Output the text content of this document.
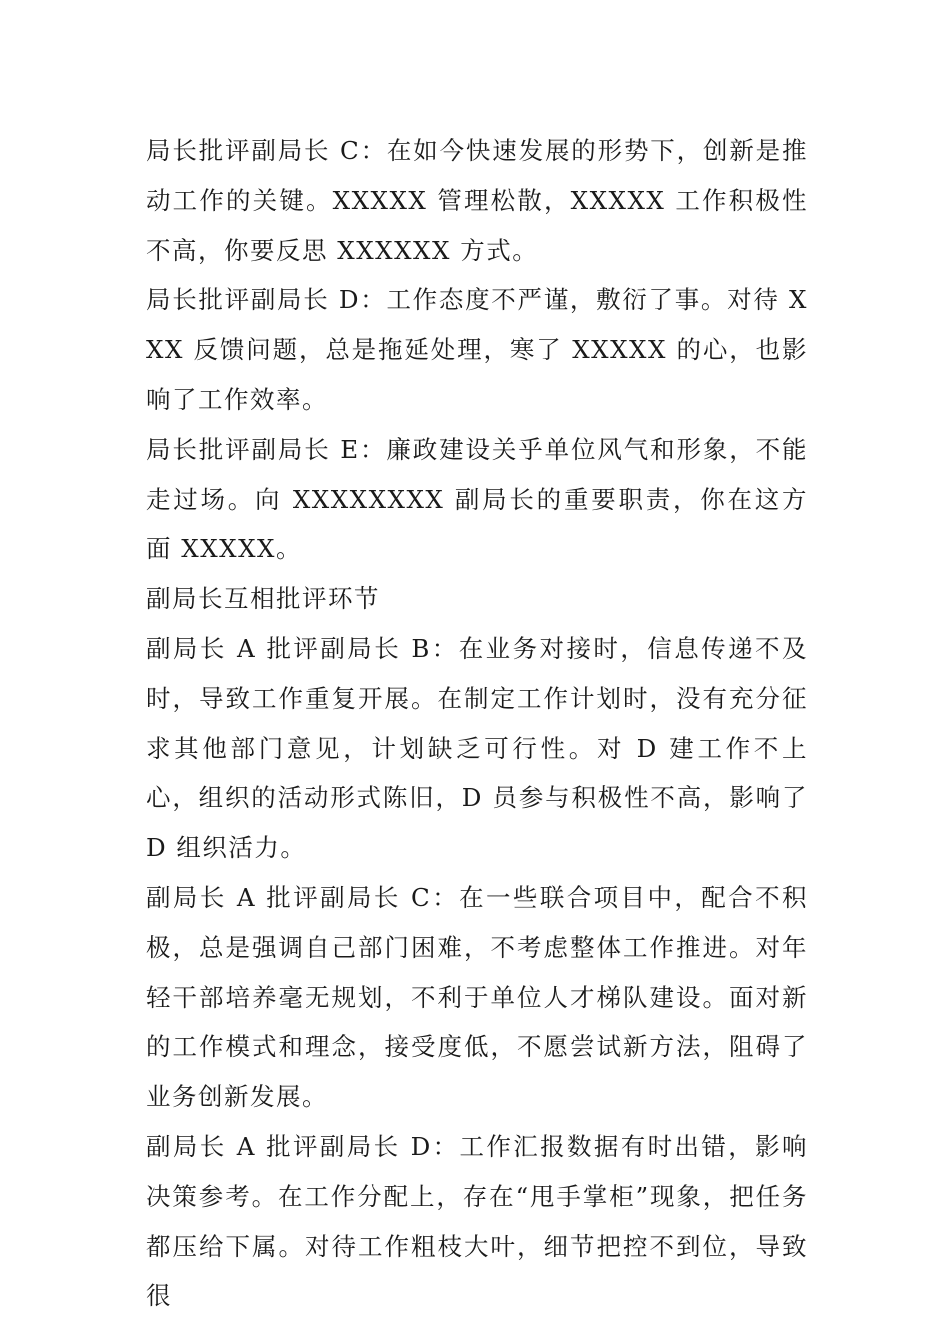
局长批评副局长 C：在如今快速发展的形势下，创新是推动工作的关键。XXXXX 管理松散，XXXXX 工作积极性不高，你要反思 XXXXXX 方式。

局长批评副局长 D：工作态度不严谨，敷衍了事。对待 XXX 反馈问题，总是拖延处理，寒了 XXXXX 的心，也影响了工作效率。

局长批评副局长 E：廉政建设关乎单位风气和形象，不能走过场。向 XXXXXXXX 副局长的重要职责，你在这方面 XXXXX。

副局长互相批评环节

副局长 A 批评副局长 B：在业务对接时，信息传递不及时，导致工作重复开展。在制定工作计划时，没有充分征求其他部门意见，计划缺乏可行性。对 D 建工作不上心，组织的活动形式陈旧，D 员参与积极性不高，影响了 D 组织活力。

副局长 A 批评副局长 C：在一些联合项目中，配合不积极，总是强调自己部门困难，不考虑整体工作推进。对年轻干部培养毫无规划，不利于单位人才梯队建设。面对新的工作模式和理念，接受度低，不愿尝试新方法，阻碍了业务创新发展。

副局长 A 批评副局长 D：工作汇报数据有时出错，影响决策参考。在工作分配上，存在“甩手掌柜”现象，把任务都压给下属。对待工作粗枝大叶，细节把控不到位，导致很
